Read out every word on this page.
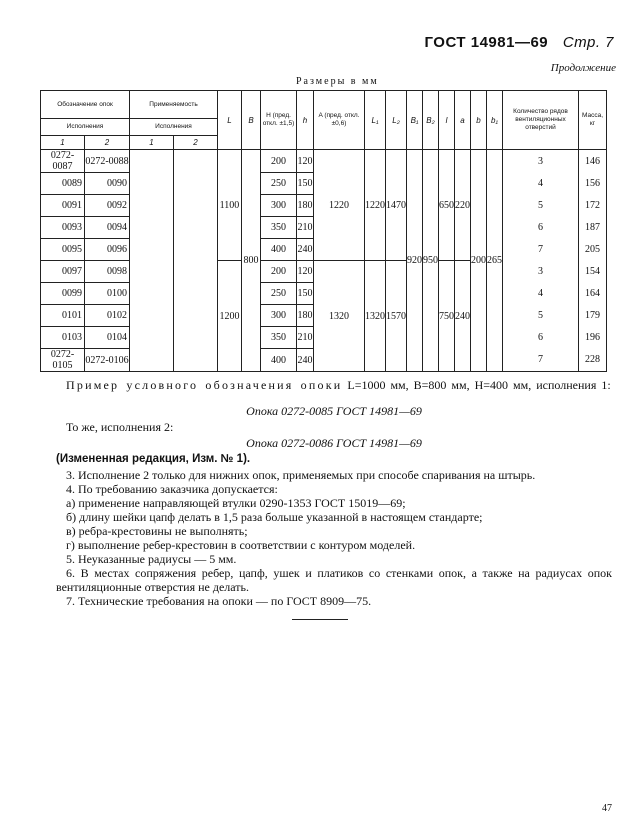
ГОСТ 14981—69 Стр. 7
Продолжение
Размеры в мм
Обозначение опок		Применяемость		L	B	H (пред. откл. ±1,5)	h	A (пред. откл. ±0,6)	L₁	L₂	B₁	B₂	l	a	b	b₁	Количество рядов вентиляционных отверстий	Масса, кг
Исполнения		Исполнения																
1	2	1	2															
0272-0087	0272-0088			1100	800	200	120	1220	1220	1470	920	950	650	220	200	265	3	146
0089	0090					250	150										4	156
0091	0092					300	180										5	172
0093	0094					350	210										6	187
0095	0096					400	240										7	205
0097	0098			1200		200	120	1320	1320	1570			750	240			3	154
0099	0100					250	150										4	164
0101	0102					300	180										5	179
0103	0104					350	210										6	196
0272-0105	0272-0106					400	240										7	228
Пример условного обозначения опоки L=1000 мм, B=800 мм, H=400 мм, исполнения 1:
Опока 0272-0085 ГОСТ 14981—69
То же, исполнения 2:
Опока 0272-0086 ГОСТ 14981—69
(Измененная редакция, Изм. № 1).
3. Исполнение 2 только для нижних опок, применяемых при способе спаривания на штырь.
4. По требованию заказчика допускается:
а) применение направляющей втулки 0290-1353 ГОСТ 15019—69;
б) длину шейки цапф делать в 1,5 раза больше указанной в настоящем стандарте;
в) ребра-крестовины не выполнять;
г) выполнение ребер-крестовин в соответствии с контуром моделей.
5. Неуказанные радиусы — 5 мм.
6. В местах сопряжения ребер, цапф, ушек и платиков со стенками опок, а также на радиусах опок вентиляционные отверстия не делать.
7. Технические требования на опоки — по ГОСТ 8909—75.
47
